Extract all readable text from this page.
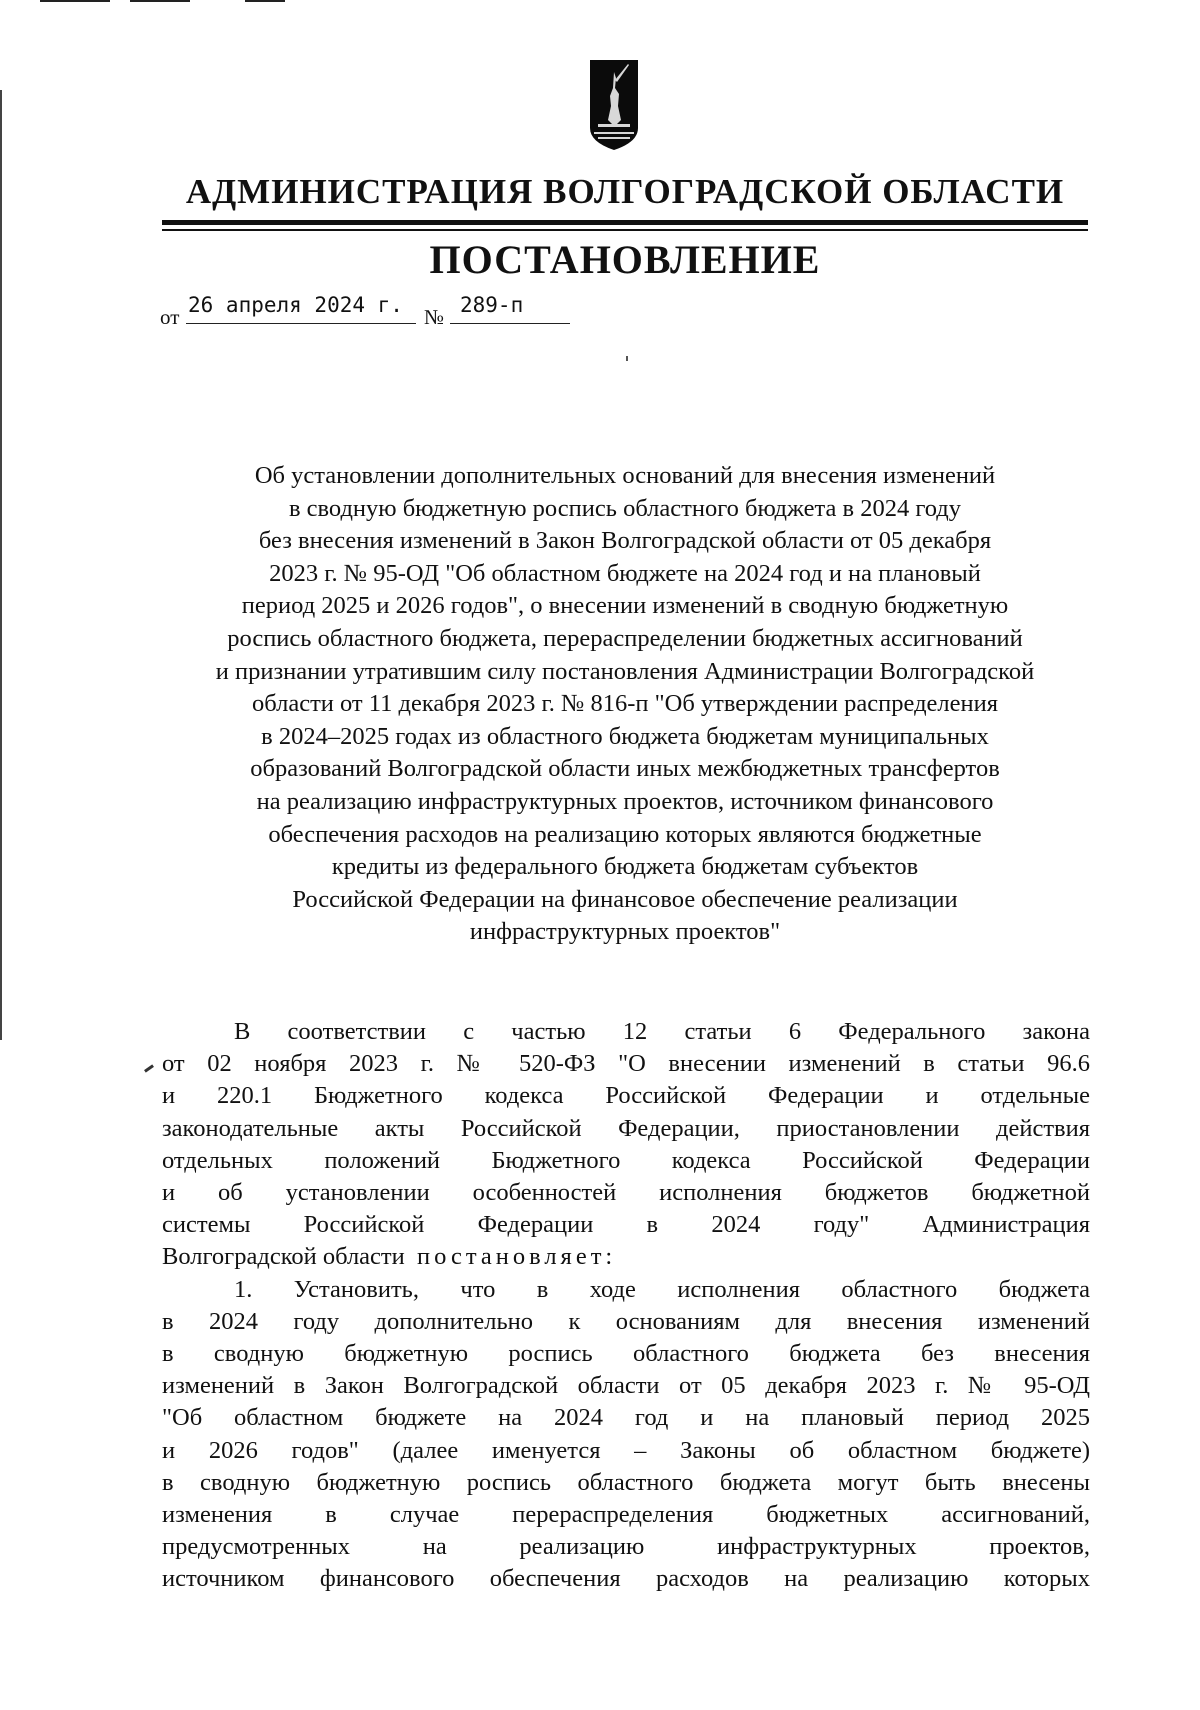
АДМИНИСТРАЦИЯ ВОЛГОГРАДСКОЙ ОБЛАСТИ
ПОСТАНОВЛЕНИЕ
от 26 апреля 2024 г. № 289-п
Об установлении дополнительных оснований для внесения изменений
в сводную бюджетную роспись областного бюджета в 2024 году
без внесения изменений в Закон Волгоградской области от 05 декабря
2023 г. № 95-ОД "Об областном бюджете на 2024 год и на плановый
период 2025 и 2026 годов", о внесении изменений в сводную бюджетную
роспись областного бюджета, перераспределении бюджетных ассигнований
и признании утратившим силу постановления Администрации Волгоградской
области от 11 декабря 2023 г. № 816-п "Об утверждении распределения
в 2024–2025 годах из областного бюджета бюджетам муниципальных
образований Волгоградской области иных межбюджетных трансфертов
на реализацию инфраструктурных проектов, источником финансового
обеспечения расходов на реализацию которых являются бюджетные
кредиты из федерального бюджета бюджетам субъектов
Российской Федерации на финансовое обеспечение реализации
инфраструктурных проектов"
В соответствии с частью 12 статьи 6 Федерального закона
от 02 ноября 2023 г. № 520-ФЗ "О внесении изменений в статьи 96.6
и 220.1 Бюджетного кодекса Российской Федерации и отдельные
законодательные акты Российской Федерации, приостановлении действия
отдельных положений Бюджетного кодекса Российской Федерации
и об установлении особенностей исполнения бюджетов бюджетной
системы Российской Федерации в 2024 году" Администрация
Волгоградской области постановляет:
1. Установить, что в ходе исполнения областного бюджета
в 2024 году дополнительно к основаниям для внесения изменений
в сводную бюджетную роспись областного бюджета без внесения
изменений в Закон Волгоградской области от 05 декабря 2023 г. № 95-ОД
"Об областном бюджете на 2024 год и на плановый период 2025
и 2026 годов" (далее именуется – Законы об областном бюджете)
в сводную бюджетную роспись областного бюджета могут быть внесены
изменения в случае перераспределения бюджетных ассигнований,
предусмотренных на реализацию инфраструктурных проектов,
источником финансового обеспечения расходов на реализацию которых
